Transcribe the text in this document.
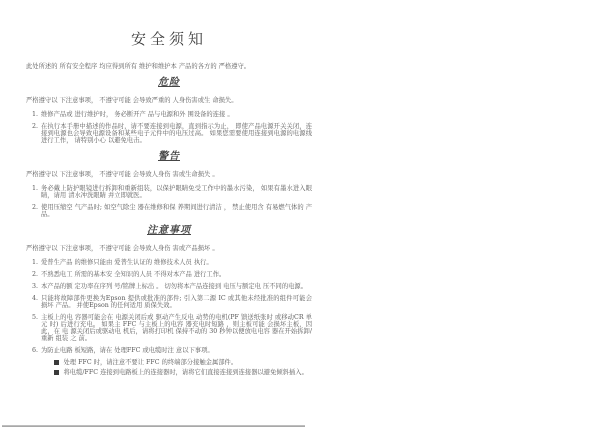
安全须知

此处所述的 所有安全程序 均应得到所有 维护和维护本 产品的各方的 严格遵守。

危险

严格遵守以 下注意事项， 不遵守可能 会导致严重的 人身伤害或生 命损失。

1. 维修产品或 进行维护时， 务必断开产 品与电源和外 围设备的连接 。
2. 在执行本手册中描述的作品时，请不要连接到电源，直到指示为止， 即使产品电源开关关闭，连 接到电源也会导致电源设备和某些电子元件中的电压过高。 如果您需要使用连接到电源的电源线 进行工作， 请特别小心 以避免电击。
警告

严格遵守以 下注意事项， 不遵守可能 会导致人身伤 害或生命损失 。

1. 务必戴上防护眼镜进行拆卸和重新组装，以保护眼睛免受工作中的墨水污染， 如果有墨水进入眼 睛，请用 清水冲洗眼睛 并立即就医。
2. 使用压缩空 气产品时; 如空气除尘 器在维修和保 养期间进行清洁 ， 禁止使用含 有易燃气体的 产品。
注意事项

严格遵守以 下注意事项， 不遵守可能 会导致人身伤 害或产品损坏 。

1. 爱普生产品 的维修只能由 爱普生认证的 维修技术人员 执行。
2. 不熟悉电工 所需的基本安 全知识的人员 不得对本产品 进行工作。
3. 本产品的额 定功率在序列 号/铭牌上标出 。 切勿将本产品连接到 电压与额定电 压不同的电源。
4. 只能将故障部件更换为Epson 提供或批准的部件; 引入第二源 IC 或其他未经批准的组件可能会 损坏 产品。 并使Epson 的任何适用 质保失效。
5. 主板上的电 容器可能会在 电源关闭后或 驱动产生反电 动势的电机(PF 馈送纸张时 或移动CR 单 元 时) 后进行充电。 如果主 FFC 与主板上的电容 器充电时短路 ，则主板可能 会损坏主板，因 此，在 电 源关闭后或驱动电 机后，请将打印机 保持不动的 30 秒钟以便放电电容 器在开始拆卸/重新 组装 之 前。
6. 为防止电路 板短路，请在 处理FFC 或电缆时注 意以下事项。
处理 FFC 时，请注意不要让 FFC 的终端部分接触金属部件。
将电缆/FFC 连接到电路板上的连接器时，请将它们直接连接到连接器以避免倾斜插入。
